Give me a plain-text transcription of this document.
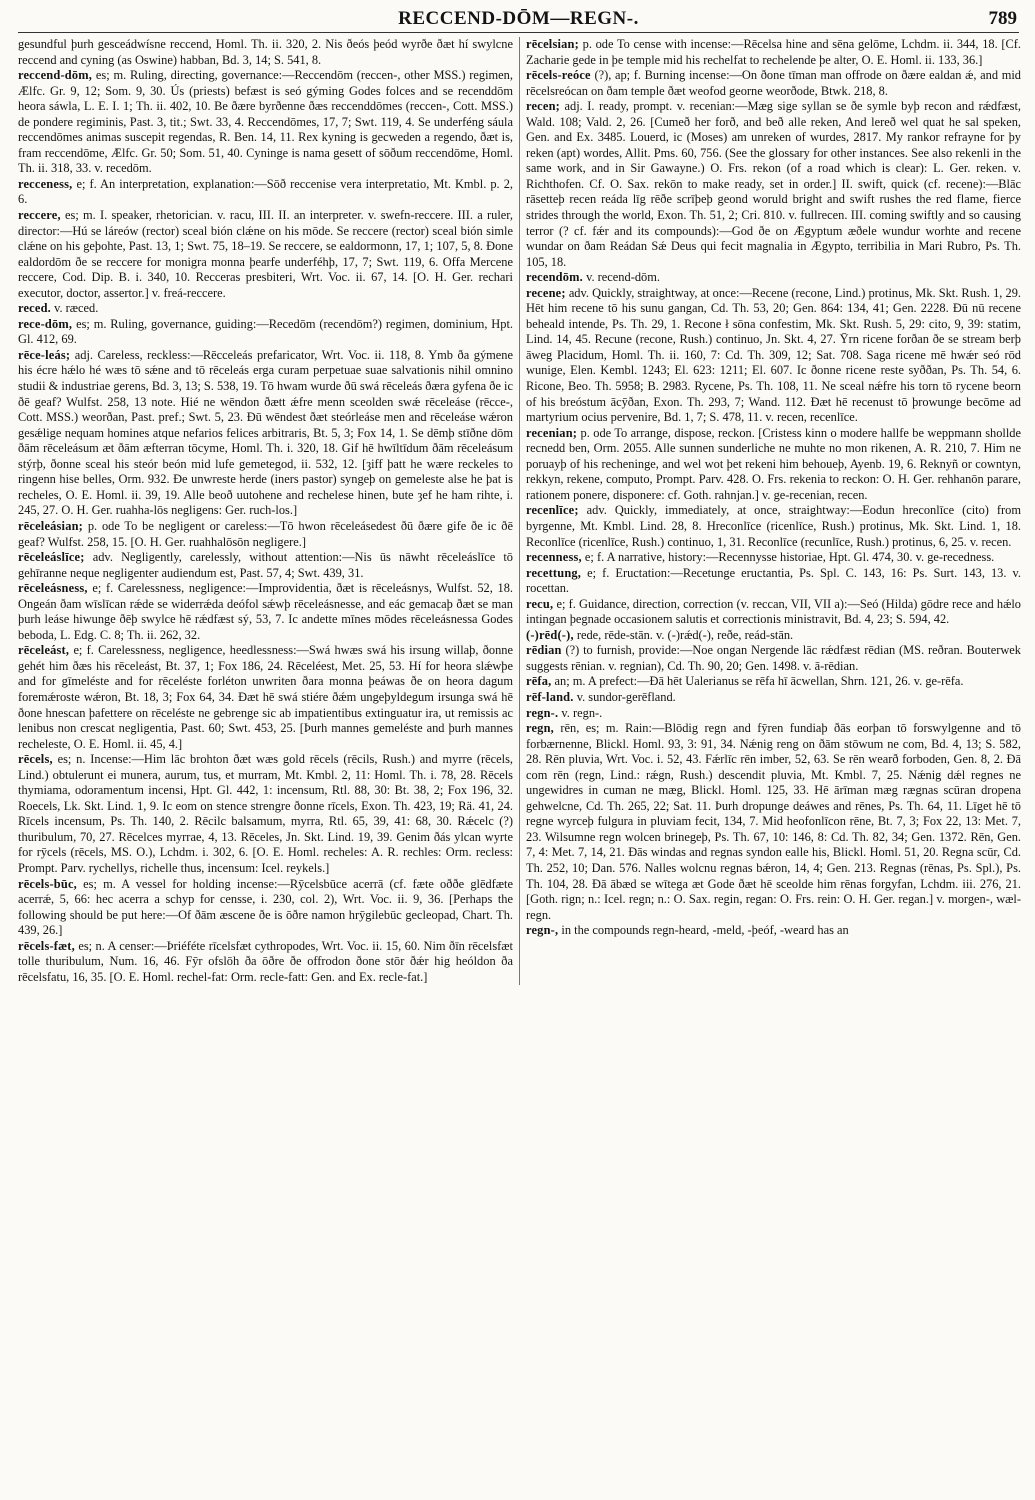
RECCEND-DŌM—REGN-.	789

gesundful þurh gesceádwísne reccend, Homl. Th. ii. 320, 2. Nis ðeós þeód wyrðe ðæt hí swylcne reccend and cyning (as Oswine) habban, Bd. 3, 14; S. 541, 8.

reccend-dōm, es; m. Ruling, directing, governance:—Reccendōm (reccen-, other MSS.) regimen, Ælfc. Gr. 9, 12; Som. 9, 30. Ús (priests) befæst is seó gýming Godes folces and se recenddōm heora sáwla, L. E. I. 1; Th. ii. 402, 10. Be ðære byrðenne ðæs reccenddōmes (reccen-, Cott. MSS.) de pondere regiminis, Past. 3, tit.; Swt. 33, 4. Reccendōmes, 17, 7; Swt. 119, 4. Se underféng sáula reccendōmes animas suscepit regendas, R. Ben. 14, 11. Rex kyning is gecweden a regendo, ðæt is, fram reccendōme, Ælfc. Gr. 50; Som. 51, 40. Cyninge is nama gesett of sōðum reccendōme, Homl. Th. ii. 318, 33. v. recedōm.

recceness, e; f. An interpretation, explanation:—Sōð reccenise vera interpretatio, Mt. Kmbl. p. 2, 6.

reccere, es; m. I. speaker, rhetorician. v. racu, III. II. an interpreter. v. swefn-reccere. III. a ruler, director:—Hú se láreów (rector) sceal bión clǽne on his mōde. Se reccere (rector) sceal bión simle clǽne on his geþohte, Past. 13, 1; Swt. 75, 18–19. Se reccere, se ealdormonn, 17, 1; 107, 5, 8. Ðone ealdordōm ðe se reccere for monigra monna þearfe underféhþ, 17, 7; Swt. 119, 6. Offa Mercene reccere, Cod. Dip. B. i. 340, 10. Recceras presbiteri, Wrt. Voc. ii. 67, 14. [O. H. Ger. rechari executor, doctor, assertor.] v. freá-reccere.

reced. v. ræced.

rece-dōm, es; m. Ruling, governance, guiding:—Recedōm (recendōm?) regimen, dominium, Hpt. Gl. 412, 69.

rēce-leás; adj. Careless, reckless:—Rēcceleás prefaricator, Wrt. Voc. ii. 118, 8. Ymb ða gýmene his écre hǽlo hé wæs tō sǽne and tō rēceleás erga curam perpetuae suae salvationis nihil omnino studii & industriae gerens, Bd. 3, 13; S. 538, 19. Tō hwam wurde ðū swá rēceleás ðæra gyfena ðe ic ðē geaf? Wulfst. 258, 13 note. Hié ne wēndon ðætt ǽfre menn sceolden swǽ rēceleáse (rēcce-, Cott. MSS.) weorðan, Past. pref.; Swt. 5, 23. Ðū wēndest ðæt steórleáse men and rēceleáse wǽron gesǽlige nequam homines atque nefarios felices arbitraris, Bt. 5, 3; Fox 14, 1. Se dēmþ stīðne dōm ðām rēceleásum æt ðām æfterran tōcyme, Homl. Th. i. 320, 18. Gif hē hwīltīdum ðām rēceleásum stýrþ, ðonne sceal his steór beón mid lufe gemetegod, ii. 532, 12. [ȝiff þatt he wære reckeles to ringenn hise belles, Orm. 932. Ðe unwreste herde (iners pastor) syngeþ on gemeleste alse he þat is recheles, O. E. Homl. ii. 39, 19. Alle beoð uutohene and rechelese hinen, bute ȝef he ham rihte, i. 245, 27. O. H. Ger. ruahha-lōs negligens: Ger. ruch-los.]

rēceleásian; p. ode To be negligent or careless:—Tō hwon rēceleásedest ðū ðære gife ðe ic ðē geaf? Wulfst. 258, 15. [O. H. Ger. ruahhalōsōn negligere.]

rēceleáslīce; adv. Negligently, carelessly, without attention:—Nis ūs nāwht rēceleáslīce tō gehīranne neque negligenter audiendum est, Past. 57, 4; Swt. 439, 31.

rēceleásness, e; f. Carelessness, negligence:—Improvidentia, ðæt is rēceleásnys, Wulfst. 52, 18. Ongeán ðam wīslīcan rǽde se widerrǽda deófol sǽwþ rēceleásnesse, and eác gemacaþ ðæt se man þurh leáse hiwunge ðēþ swylce hē rǽdfæst sý, 53, 7. Ic andette mīnes mōdes rēceleásnessa Godes beboda, L. Edg. C. 8; Th. ii. 262, 32.

rēceleást, e; f. Carelessness, negligence, heedlessness:—Swá hwæs swá his irsung willaþ, ðonne gehét him ðæs his rēceleást, Bt. 37, 1; Fox 186, 24. Rēceléest, Met. 25, 53. Hí for heora slǽwþe and for gīmeléste and for rēceléste forléton unwriten ðara monna þeáwas ðe on heora dagum foremǽroste wǽron, Bt. 18, 3; Fox 64, 34. Ðæt hē swá stiére ðǽm ungeþyldegum irsunga swá hē ðone hnescan þafettere on rēceléste ne gebrenge sic ab impatientibus extinguatur ira, ut remissis ac lenibus non crescat negligentia, Past. 60; Swt. 453, 25. [Þurh mannes gemeléste and þurh mannes recheleste, O. E. Homl. ii. 45, 4.]

rēcels, es; n. Incense:—Him lāc brohton ðæt wæs gold rēcels (rēcils, Rush.) and myrre (rēcels, Lind.) obtulerunt ei munera, aurum, tus, et murram, Mt. Kmbl. 2, 11: Homl. Th. i. 78, 28. Rēcels thymiama, odoramentum incensi, Hpt. Gl. 442, 1: incensum, Rtl. 88, 30: Bt. 38, 2; Fox 196, 32. Roecels, Lk. Skt. Lind. 1, 9. Ic eom on stence strengre ðonne rīcels, Exon. Th. 423, 19; Rä. 41, 24. Rīcels incensum, Ps. Th. 140, 2. Rēcilc balsamum, myrra, Rtl. 65, 39, 41: 68, 30. Rǽcelc (?) thuribulum, 70, 27. Rēcelces myrrae, 4, 13. Rēceles, Jn. Skt. Lind. 19, 39. Genim ðás ylcan wyrte for rȳcels (rēcels, MS. O.), Lchdm. i. 302, 6. [O. E. Homl. recheles: A. R. rechles: Orm. recless: Prompt. Parv. rychellys, richelle thus, incensum: Icel. reykels.]

rēcels-būc, es; m. A vessel for holding incense:—Rȳcelsbūce acerrā (cf. fæte oððe glēdfæte acerrǽ, 5, 66: hec acerra a schyp for censse, i. 230, col. 2), Wrt. Voc. ii. 9, 36. [Perhaps the following should be put here:—Of ðām æscene ðe is ōðre namon hrȳgilebūc gecleopad, Chart. Th. 439, 26.]

rēcels-fæt, es; n. A censer:—Þriéféte rīcelsfæt cythropodes, Wrt. Voc. ii. 15, 60. Nim ðīn rēcelsfæt tolle thuribulum, Num. 16, 46. Fȳr ofslōh ða ōðre ðe offrodon ðone stōr ðǽr hig heóldon ða rēcelsfatu, 16, 35. [O. E. Homl. rechel-fat: Orm. recle-fatt: Gen. and Ex. recle-fat.]

rēcelsian; p. ode To cense with incense:—Rēcelsa hine and sēna gelōme, Lchdm. ii. 344, 18. [Cf. Zacharie gede in þe temple mid his rechelfat to rechelende þe alter, O. E. Homl. ii. 133, 36.]

rēcels-reóce (?), ap; f. Burning incense:—On ðone tīman man offrode on ðære ealdan ǽ, and mid rēcelsreócan on ðam temple ðæt weofod georne weorðode, Btwk. 218, 8.

recen; adj. I. ready, prompt. v. recenian:—Mæg sige syllan se ðe symle byþ recon and rǽdfæst, Wald. 108; Vald. 2, 26. [Cumeð her forð, and beð alle reken, And lereð wel quat he sal speken, Gen. and Ex. 3485. Louerd, ic (Moses) am unreken of wurdes, 2817. My rankor refrayne for þy reken (apt) wordes, Allit. Pms. 60, 756. (See the glossary for other instances. See also rekenli in the same work, and in Sir Gawayne.) O. Frs. rekon (of a road which is clear): L. Ger. reken. v. Richthofen. Cf. O. Sax. rekōn to make ready, set in order.] II. swift, quick (cf. recene):—Blāc rāsetteþ recen reáda līg rēðe scrīþeþ geond woruld bright and swift rushes the red flame, fierce strides through the world, Exon. Th. 51, 2; Cri. 810. v. fullrecen. III. coming swiftly and so causing terror (? cf. fǽr and its compounds):—God ðe on Ægyptum æðele wundur worhte and recene wundar on ðam Reádan Sǽ Deus qui fecit magnalia in Ægypto, terribilia in Mari Rubro, Ps. Th. 105, 18.

recendōm. v. recend-dōm.

recene; adv. Quickly, straightway, at once:—Recene (recone, Lind.) protinus, Mk. Skt. Rush. 1, 29. Hēt him recene tō his sunu gangan, Cd. Th. 53, 20; Gen. 864: 134, 41; Gen. 2228. Ðū nū recene beheald intende, Ps. Th. 29, 1. Recone ł sōna confestim, Mk. Skt. Rush. 5, 29: cito, 9, 39: statim, Lind. 14, 45. Recune (recone, Rush.) continuo, Jn. Skt. 4, 27. Ȳrn ricene forðan ðe se stream berþ āweg Placidum, Homl. Th. ii. 160, 7: Cd. Th. 309, 12; Sat. 708. Saga ricene mē hwǽr seó rōd wunige, Elen. Kembl. 1243; El. 623: 1211; El. 607. Ic ðonne ricene reste syððan, Ps. Th. 54, 6. Ricone, Beo. Th. 5958; B. 2983. Rycene, Ps. Th. 108, 11. Ne sceal nǽfre his torn tō rycene beorn of his breóstum ācȳðan, Exon. Th. 293, 7; Wand. 112. Ðæt hē recenust tō þrowunge becōme ad martyrium ocius pervenire, Bd. 1, 7; S. 478, 11. v. recen, recenlīce.

recenian; p. ode To arrange, dispose, reckon. [Cristess kinn o modere hallfe be weppmann shollde recnedd ben, Orm. 2055. Alle sunnen sunderliche ne muhte no mon rikenen, A. R. 210, 7. Him ne poruayþ of his recheninge, and wel wot þet rekeni him behoueþ, Ayenb. 19, 6. Reknyñ or cowntyn, rekkyn, rekene, computo, Prompt. Parv. 428. O. Frs. rekenia to reckon: O. H. Ger. rehhanōn parare, rationem ponere, disponere: cf. Goth. rahnjan.] v. ge-recenian, recen.

recenlīce; adv. Quickly, immediately, at once, straightway:—Eodun hreconlīce (cito) from byrgenne, Mt. Kmbl. Lind. 28, 8. Hreconlīce (ricenlīce, Rush.) protinus, Mk. Skt. Lind. 1, 18. Reconlīce (ricenlīce, Rush.) continuo, 1, 31. Reconlīce (recunlīce, Rush.) protinus, 6, 25. v. recen.

recenness, e; f. A narrative, history:—Recennysse historiae, Hpt. Gl. 474, 30. v. ge-recedness.

recettung, e; f. Eructation:—Recetunge eructantia, Ps. Spl. C. 143, 16: Ps. Surt. 143, 13. v. rocettan.

recu, e; f. Guidance, direction, correction (v. reccan, VII, VII a):—Seó (Hilda) gōdre rece and hǽlo intingan þegnade occasionem salutis et correctionis ministravit, Bd. 4, 23; S. 594, 42.

(-)rēd(-), rede, rēde-stān. v. (-)rǽd(-), reðe, reád-stān.

rēdian (?) to furnish, provide:—Noe ongan Nergende lāc rǽdfæst rēdian (MS. reðran. Bouterwek suggests rēnian. v. regnian), Cd. Th. 90, 20; Gen. 1498. v. ā-rēdian.

rēfa, an; m. A prefect:—Ðā hēt Ualerianus se rēfa hī ācwellan, Shrn. 121, 26. v. ge-rēfa.

rēf-land. v. sundor-gerēfland.

regn-. v. regn-.

regn, rēn, es; m. Rain:—Blōdig regn and fȳren fundiaþ ðās eorþan tō forswylgenne and tō forbærnenne, Blickl. Homl. 93, 3: 91, 34. Nǽnig reng on ðām stōwum ne com, Bd. 4, 13; S. 582, 28. Rēn pluvia, Wrt. Voc. i. 52, 43. Fǽrlīc rēn imber, 52, 63. Se rēn wearð forboden, Gen. 8, 2. Ðā com rēn (regn, Lind.: rǽgn, Rush.) descendit pluvia, Mt. Kmbl. 7, 25. Nǽnig dǽl regnes ne ungewidres in cuman ne mæg, Blickl. Homl. 125, 33. Hē ārīman mæg rægnas scūran dropena gehwelcne, Cd. Th. 265, 22; Sat. 11. Þurh dropunge deáwes and rēnes, Ps. Th. 64, 11. Līget hē tō regne wyrceþ fulgura in pluviam fecit, 134, 7. Mid heofonlīcon rēne, Bt. 7, 3; Fox 22, 13: Met. 7, 23. Wilsumne regn wolcen brinegeþ, Ps. Th. 67, 10: 146, 8: Cd. Th. 82, 34; Gen. 1372. Rēn, Gen. 7, 4: Met. 7, 14, 21. Ðās windas and regnas syndon ealle his, Blickl. Homl. 51, 20. Regna scūr, Cd. Th. 252, 10; Dan. 576. Nalles wolcnu regnas bǽron, 14, 4; Gen. 213. Regnas (rēnas, Ps. Spl.), Ps. Th. 104, 28. Ðā ābæd se wītega æt Gode ðæt hē sceolde him rēnas forgyfan, Lchdm. iii. 276, 21. [Goth. rign; n.: Icel. regn; n.: O. Sax. regin, regan: O. Frs. rein: O. H. Ger. regan.] v. morgen-, wæl-regn.

regn-, in the compounds regn-heard, -meld, -þeóf, -weard has an
